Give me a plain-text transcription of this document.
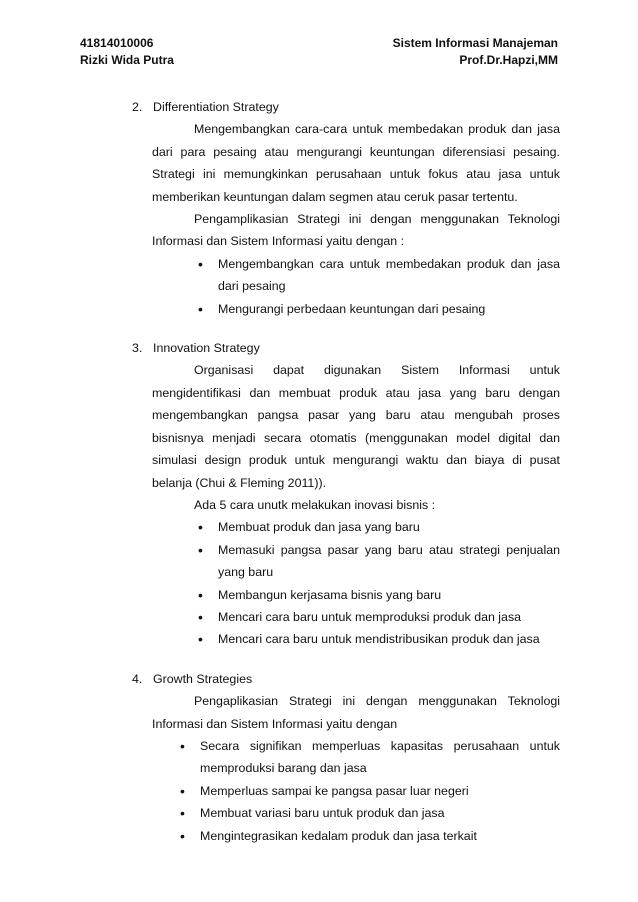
41814010006	Sistem Informasi Manajeman
Rizki Wida Putra	Prof.Dr.Hapzi,MM
2. Differentiation Strategy
Mengembangkan cara-cara untuk membedakan produk dan jasa dari para pesaing atau mengurangi keuntungan diferensiasi pesaing. Strategi ini memungkinkan perusahaan untuk fokus atau jasa untuk memberikan keuntungan dalam segmen atau ceruk pasar tertentu.
Pengamplikasian Strategi ini dengan menggunakan Teknologi Informasi dan Sistem Informasi yaitu dengan :
• Mengembangkan cara untuk membedakan produk dan jasa dari pesaing
• Mengurangi perbedaan keuntungan dari pesaing
3. Innovation Strategy
Organisasi dapat digunakan Sistem Informasi untuk mengidentifikasi dan membuat produk atau jasa yang baru dengan mengembangkan pangsa pasar yang baru atau mengubah proses bisnisnya menjadi secara otomatis (menggunakan model digital dan simulasi design produk untuk mengurangi waktu dan biaya di pusat belanja (Chui & Fleming 2011)).
Ada 5 cara unutk melakukan inovasi bisnis :
• Membuat produk dan jasa yang baru
• Memasuki pangsa pasar yang baru atau strategi penjualan yang baru
• Membangun kerjasama bisnis yang baru
• Mencari cara baru untuk memproduksi produk dan jasa
• Mencari cara baru untuk mendistribusikan produk dan jasa
4. Growth Strategies
Pengaplikasian Strategi ini dengan menggunakan Teknologi Informasi dan Sistem Informasi yaitu dengan
• Secara signifikan memperluas kapasitas perusahaan untuk memproduksi barang dan jasa
• Memperluas sampai ke pangsa pasar luar negeri
• Membuat variasi baru untuk produk dan jasa
• Mengintegrasikan kedalam produk dan jasa terkait
